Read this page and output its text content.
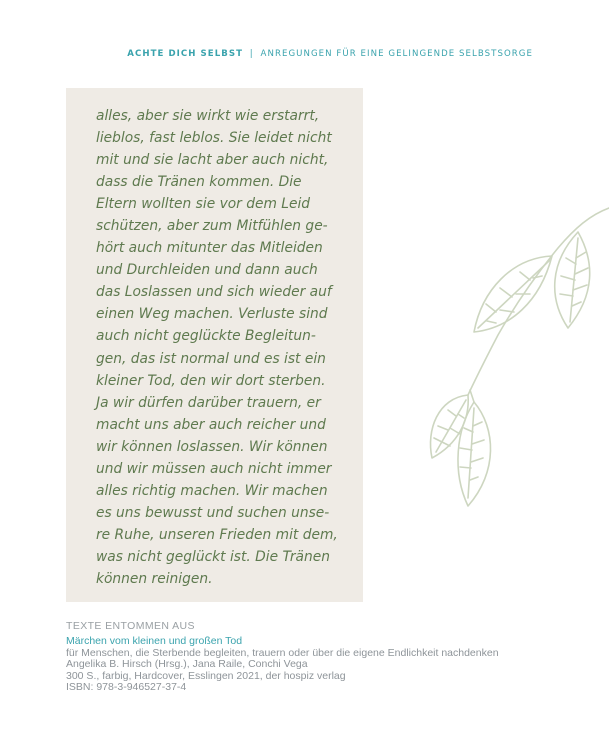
ACHTE DICH SELBST | ANREGUNGEN FÜR EINE GELINGENDE SELBSTSORGE
alles, aber sie wirkt wie erstarrt,
lieblos, fast leblos. Sie leidet nicht
mit und sie lacht aber auch nicht,
dass die Tränen kommen. Die
Eltern wollten sie vor dem Leid
schützen, aber zum Mitfühlen ge-
hört auch mitunter das Mitleiden
und Durchleiden und dann auch
das Loslassen und sich wieder auf
einen Weg machen. Verluste sind
auch nicht geglückte Begleitun-
gen, das ist normal und es ist ein
kleiner Tod, den wir dort sterben.
Ja wir dürfen darüber trauern, er
macht uns aber auch reicher und
wir können loslassen. Wir können
und wir müssen auch nicht immer
alles richtig machen. Wir machen
es uns bewusst und suchen unse-
re Ruhe, unseren Frieden mit dem,
was nicht geglückt ist. Die Tränen
können reinigen.
TEXTE ENTOMMEN AUS
Märchen vom kleinen und großen Tod
für Menschen, die Sterbende begleiten, trauern oder über die eigene Endlichkeit nachdenken
Angelika B. Hirsch (Hrsg.), Jana Raile, Conchi Vega
300 S., farbig, Hardcover, Esslingen 2021, der hospiz verlag
ISBN: 978-3-946527-37-4
